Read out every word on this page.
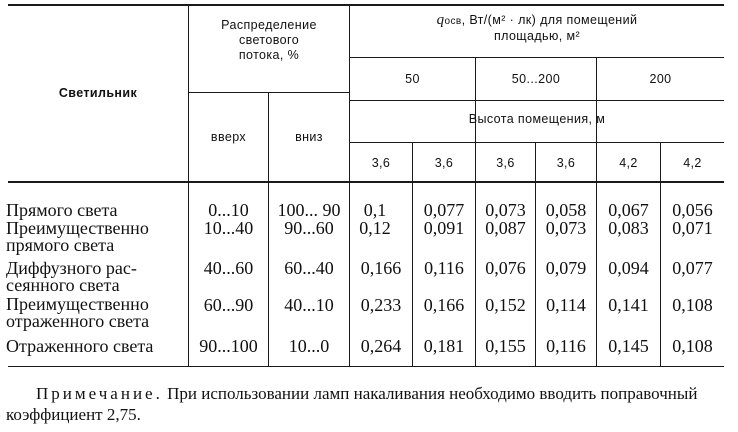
Светильник
Распределение
светового
потока, %
вверх	вниз
qосв, Вт/(м² · лк) для помещений
площадью, м²
50	50...200	200
Высота помещения, м
3,6	3,6	3,6	3,6	4,2	4,2
Прямого света	0...10	100... 90	0,1	0,077	0,073	0,058	0,067	0,056
Преимущественно
прямого света
10...40	90...60	0,12	0,091	0,087	0,073	0,083	0,071
Диффузного рас-
сеянного света
40...60	60...40	0,166	0,116	0,076	0,079	0,094	0,077
Преимущественно
отраженного света
60...90	40...10	0,233	0,166	0,152	0,114	0,141	0,108
Отраженного света	90...100	10...0	0,264	0,181	0,155	0,116	0,145	0,108
Примечание. При использовании ламп накаливания необходимо вводить поправочный коэффициент 2,75.
